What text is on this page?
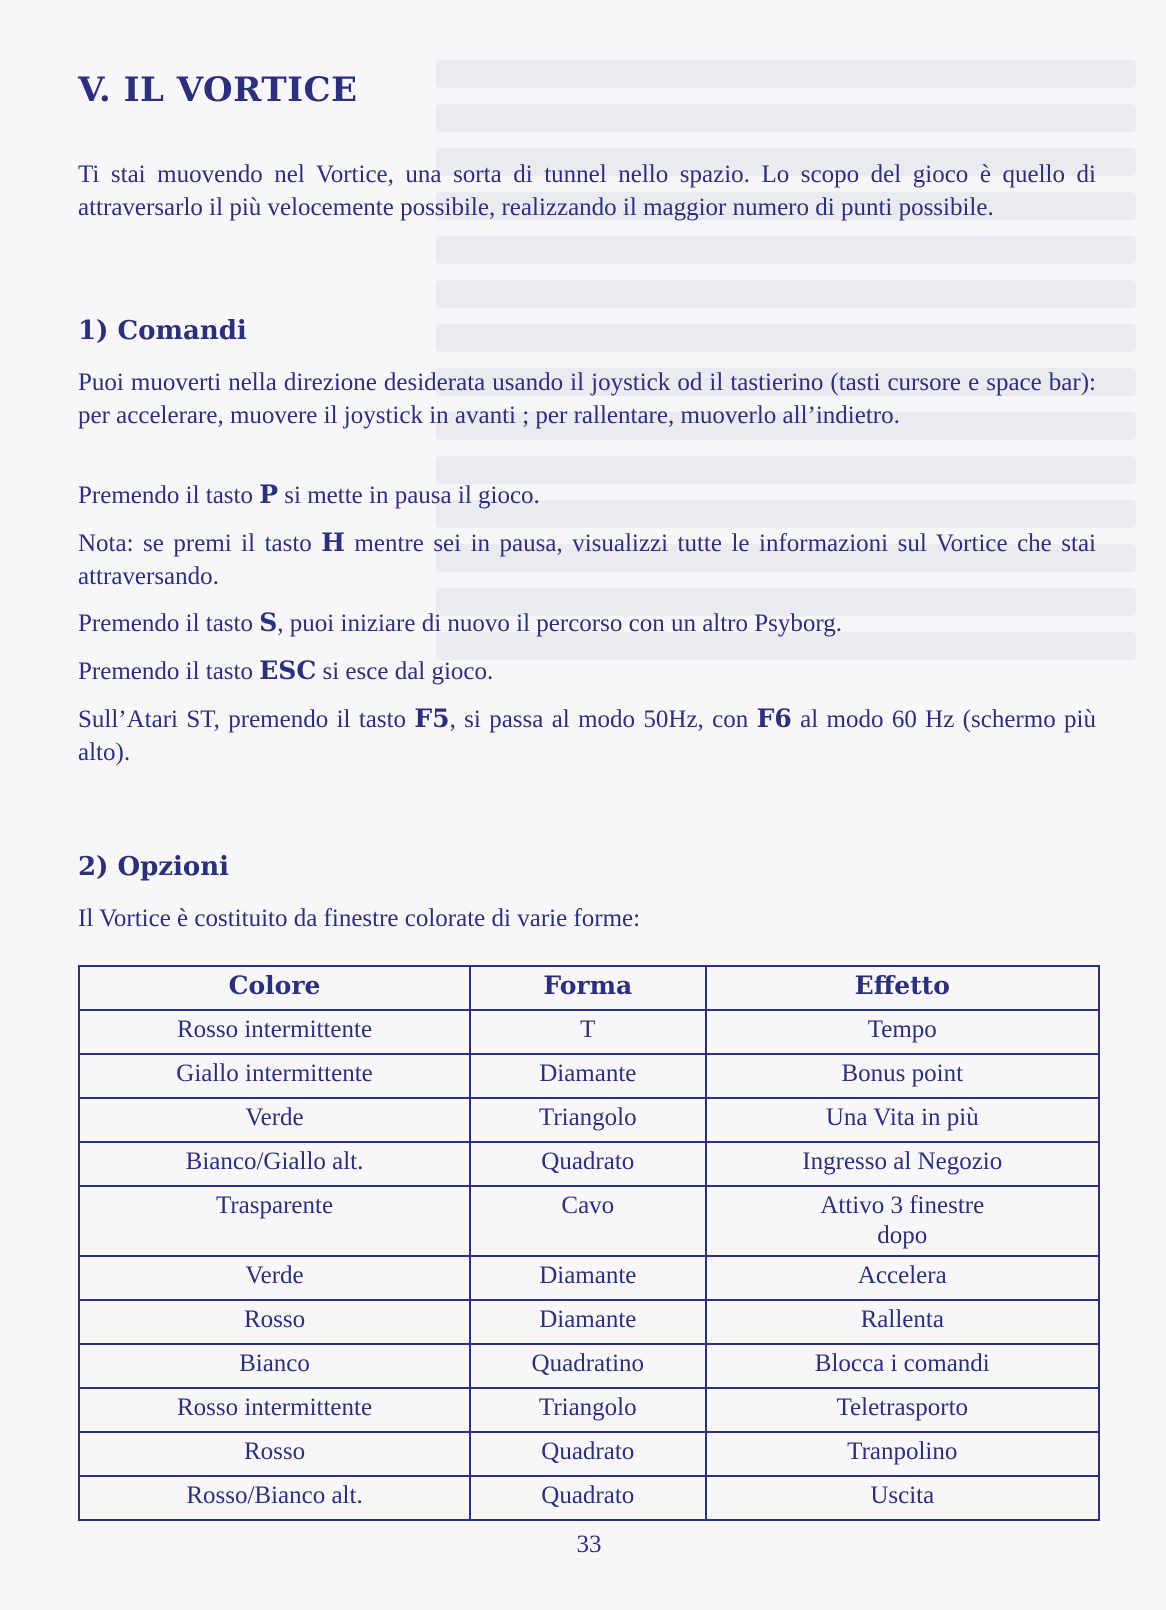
V. IL VORTICE

Ti stai muovendo nel Vortice, una sorta di tunnel nello spazio. Lo scopo del gioco è quello di attraversarlo il più velocemente possibile, realizzando il maggior numero di punti possibile.

1) Comandi

Puoi muoverti nella direzione desiderata usando il joystick od il tastierino (tasti cursore e space bar): per accelerare, muovere il joystick in avanti ; per rallentare, muoverlo all’indietro.

Premendo il tasto P si mette in pausa il gioco.

Nota: se premi il tasto H mentre sei in pausa, visualizzi tutte le informazioni sul Vortice che stai attraversando.

Premendo il tasto S, puoi iniziare di nuovo il percorso con un altro Psyborg.

Premendo il tasto ESC si esce dal gioco.

Sull’Atari ST, premendo il tasto F5, si passa al modo 50Hz, con F6 al modo 60 Hz (schermo più alto).

2) Opzioni

Il Vortice è costituito da finestre colorate di varie forme:

Colore	Forma	Effetto
Rosso intermittente	T	Tempo
Giallo intermittente	Diamante	Bonus point
Verde	Triangolo	Una Vita in più
Bianco/Giallo alt.	Quadrato	Ingresso al Negozio
Trasparente	Cavo	Attivo 3 finestre dopo
Verde	Diamante	Accelera
Rosso	Diamante	Rallenta
Bianco	Quadratino	Blocca i comandi
Rosso intermittente	Triangolo	Teletrasporto
Rosso	Quadrato	Tranpolino
Rosso/Bianco alt.	Quadrato	Uscita
33
